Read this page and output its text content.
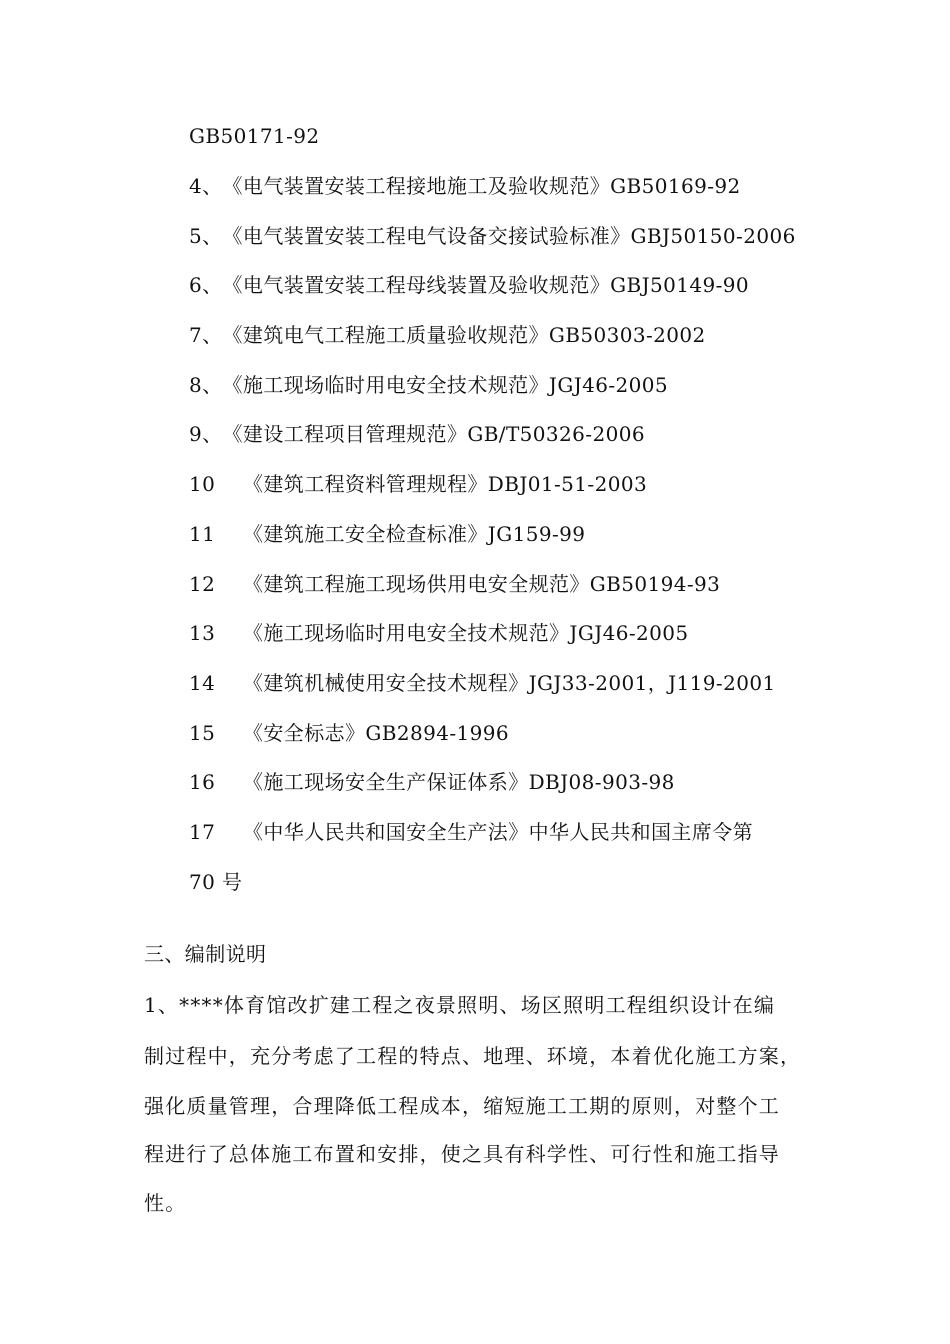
GB50171-92
4、《电气装置安装工程接地施工及验收规范》GB50169-92
5、《电气装置安装工程电气设备交接试验标准》GBJ50150-2006
6、《电气装置安装工程母线装置及验收规范》GBJ50149-90
7、《建筑电气工程施工质量验收规范》GB50303-2002
8、《施工现场临时用电安全技术规范》JGJ46-2005
9、《建设工程项目管理规范》GB/T50326-2006
10 《建筑工程资料管理规程》DBJ01-51-2003
11 《建筑施工安全检查标准》JG159-99
12 《建筑工程施工现场供用电安全规范》GB50194-93
13 《施工现场临时用电安全技术规范》JGJ46-2005
14 《建筑机械使用安全技术规程》JGJ33-2001，J119-2001
15 《安全标志》GB2894-1996
16 《施工现场安全生产保证体系》DBJ08-903-98
17 《中华人民共和国安全生产法》中华人民共和国主席令第
70 号
三、编制说明
1、****体育馆改扩建工程之夜景照明、场区照明工程组织设计在编
制过程中，充分考虑了工程的特点、地理、环境，本着优化施工方案，
强化质量管理，合理降低工程成本，缩短施工工期的原则，对整个工
程进行了总体施工布置和安排，使之具有科学性、可行性和施工指导
性。
